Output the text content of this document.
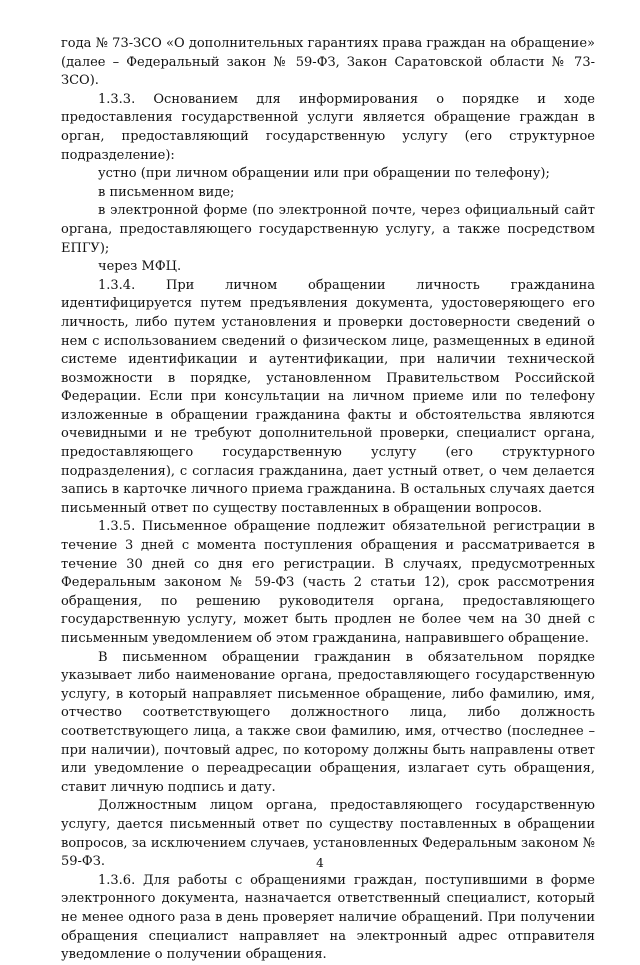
года № 73-ЗСО «О дополнительных гарантиях права граждан на обращение» (далее – Федеральный закон № 59-ФЗ, Закон Саратовской области № 73-ЗСО).

1.3.3. Основанием для информирования о порядке и ходе предоставления государственной услуги является обращение граждан в орган, предоставляющий государственную услугу (его структурное подразделение):

устно (при личном обращении или при обращении по телефону);

в письменном виде;

в электронной форме (по электронной почте, через официальный сайт органа, предоставляющего государственную услугу, а также посредством ЕПГУ);

через МФЦ.

1.3.4. При личном обращении личность гражданина идентифицируется путем предъявления документа, удостоверяющего его личность, либо путем установления и проверки достоверности сведений о нем с использованием сведений о физическом лице, размещенных в единой системе идентификации и аутентификации, при наличии технической возможности в порядке, установленном Правительством Российской Федерации. Если при консультации на личном приеме или по телефону изложенные в обращении гражданина факты и обстоятельства являются очевидными и не требуют дополнительной проверки, специалист органа, предоставляющего государственную услугу (его структурного подразделения), с согласия гражданина, дает устный ответ, о чем делается запись в карточке личного приема гражданина. В остальных случаях дается письменный ответ по существу поставленных в обращении вопросов.

1.3.5. Письменное обращение подлежит обязательной регистрации в течение 3 дней с момента поступления обращения и рассматривается в течение 30 дней со дня его регистрации. В случаях, предусмотренных Федеральным законом № 59-ФЗ (часть 2 статьи 12), срок рассмотрения обращения, по решению руководителя органа, предоставляющего государственную услугу, может быть продлен не более чем на 30 дней с письменным уведомлением об этом гражданина, направившего обращение.

В письменном обращении гражданин в обязательном порядке указывает либо наименование органа, предоставляющего государственную услугу, в который направляет письменное обращение, либо фамилию, имя, отчество соответствующего должностного лица, либо должность соответствующего лица, а также свои фамилию, имя, отчество (последнее – при наличии), почтовый адрес, по которому должны быть направлены ответ или уведомление о переадресации обращения, излагает суть обращения, ставит личную подпись и дату.

Должностным лицом органа, предоставляющего государственную услугу, дается письменный ответ по существу поставленных в обращении вопросов, за исключением случаев, установленных Федеральным законом № 59-ФЗ.

1.3.6. Для работы с обращениями граждан, поступившими в форме электронного документа, назначается ответственный специалист, который не менее одного раза в день проверяет наличие обращений. При получении обращения специалист направляет на электронный адрес отправителя уведомление о получении обращения.

4
